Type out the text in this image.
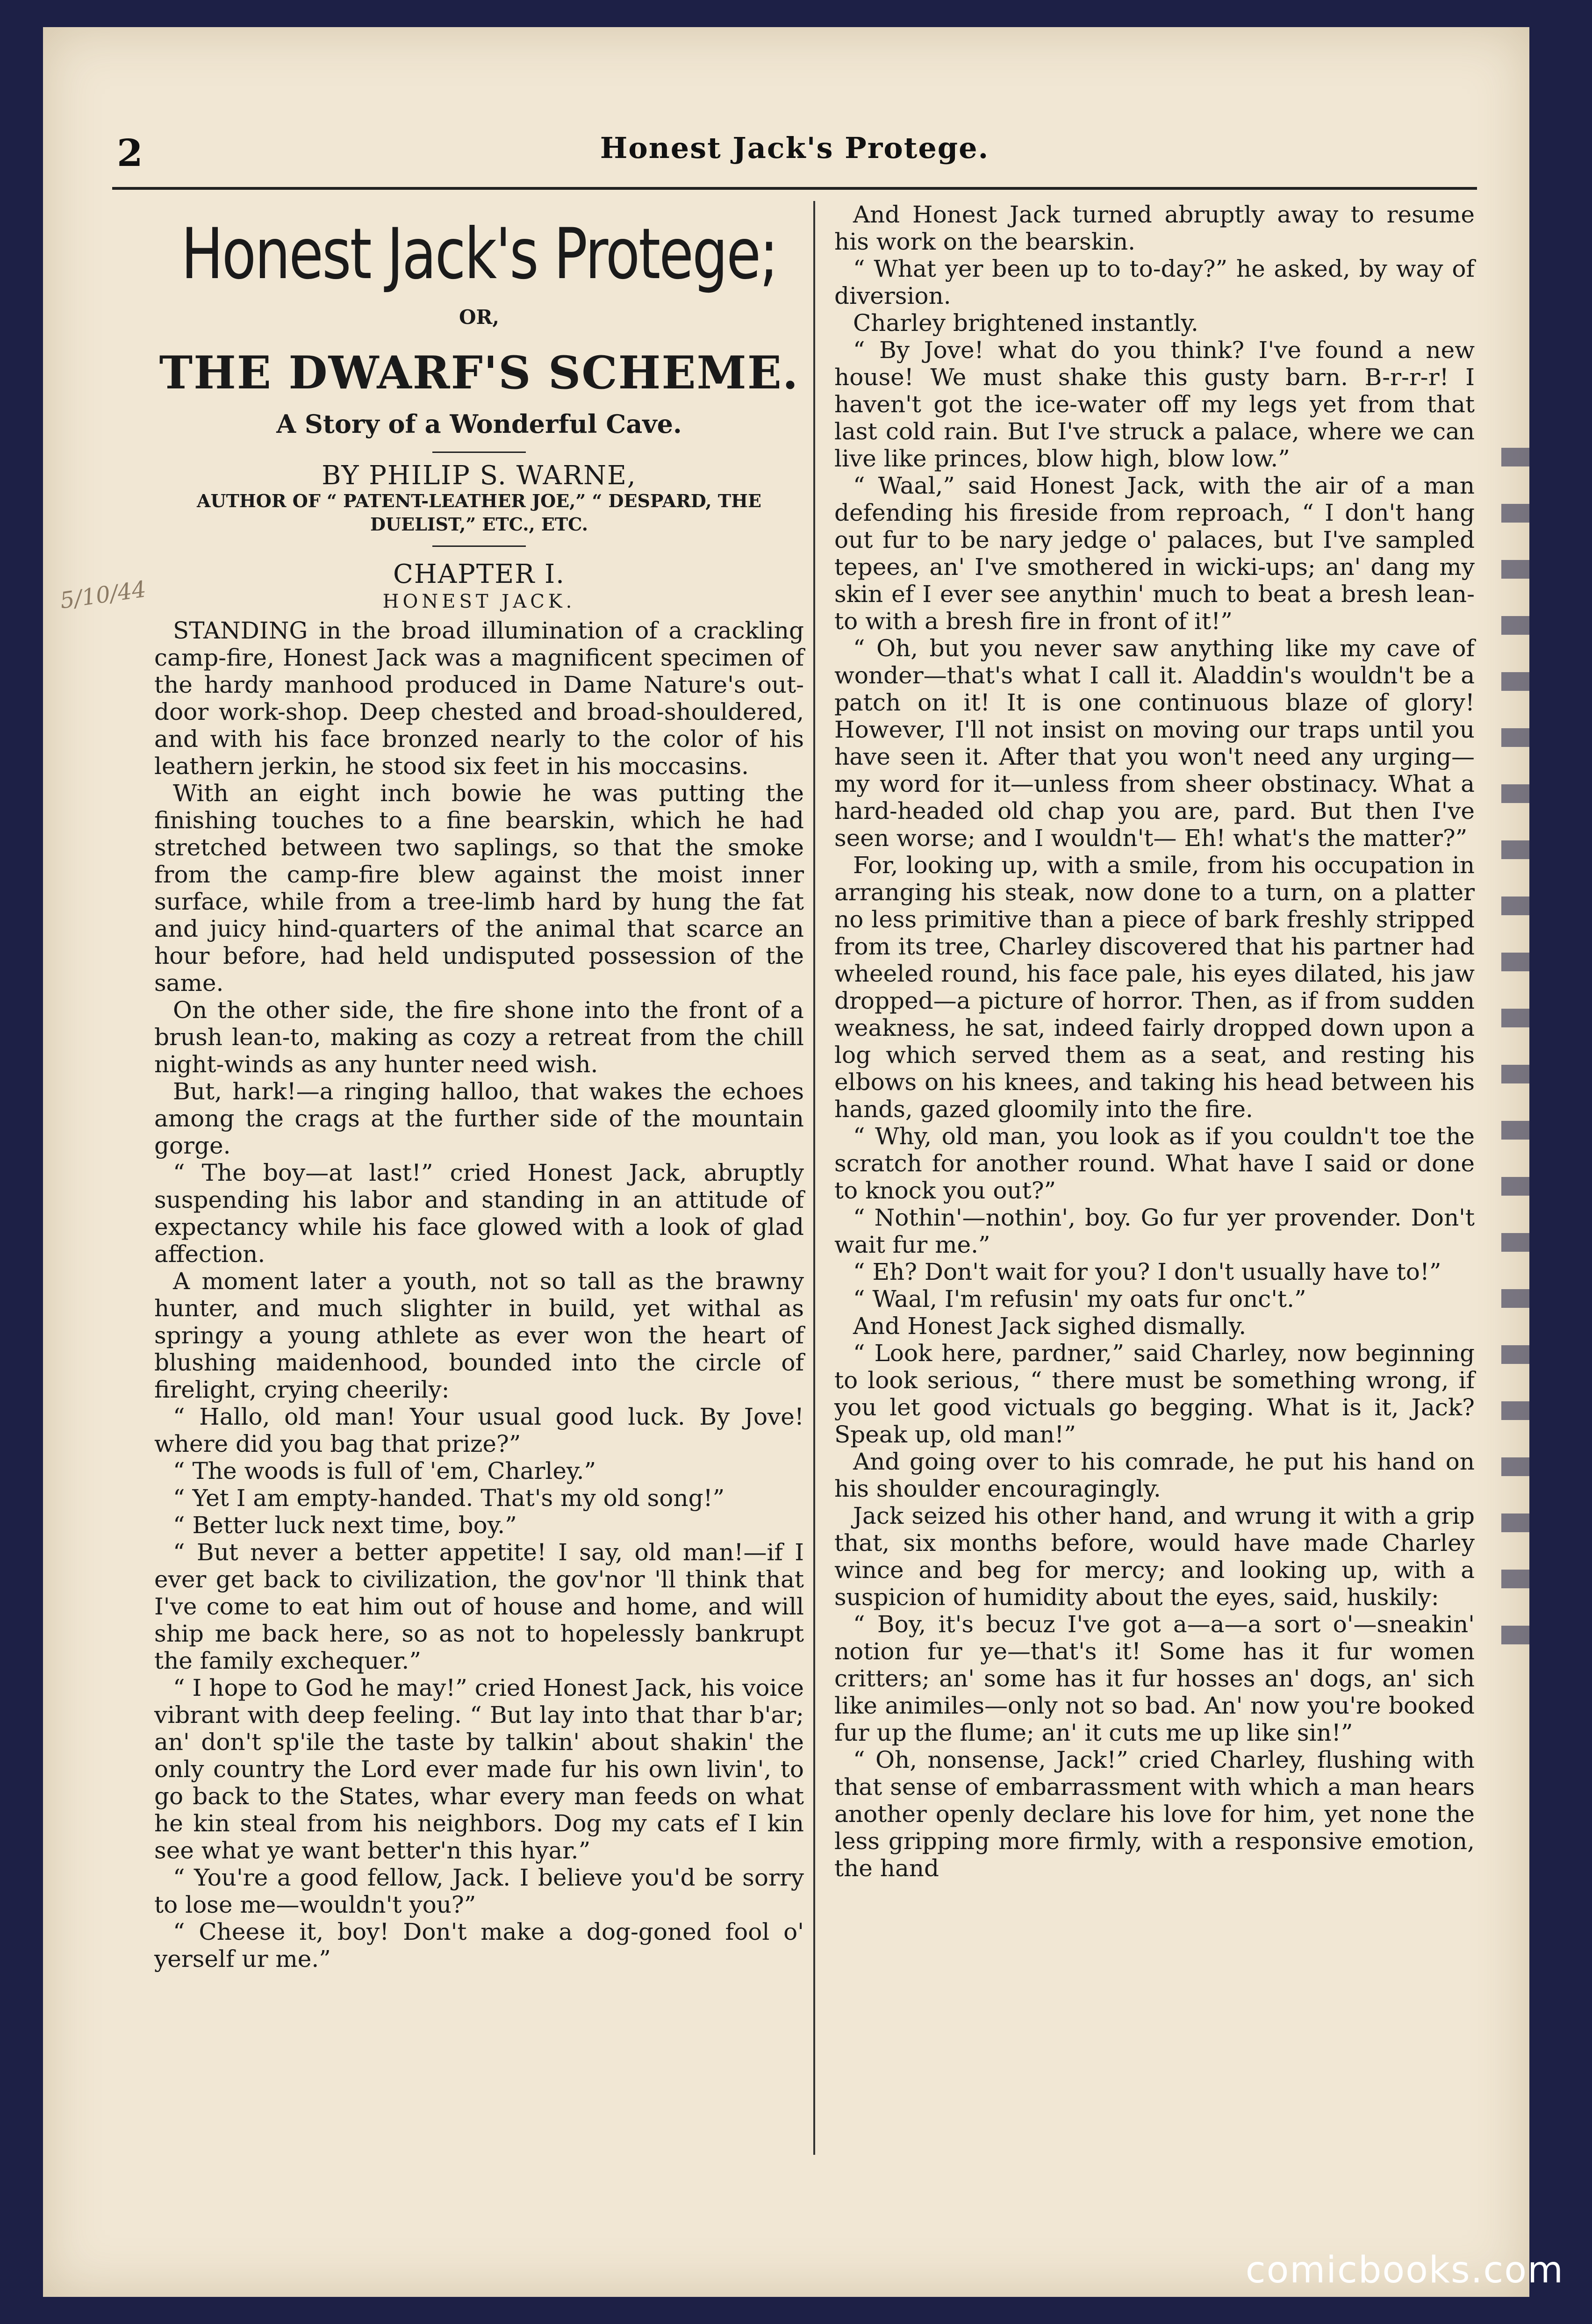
2	Honest Jack's Protege.
5/10/44
Honest Jack's Protege;
OR,
THE DWARF'S SCHEME.
A Story of a Wonderful Cave.
BY PHILIP S. WARNE,
AUTHOR OF “ PATENT-LEATHER JOE,” “ DESPARD, THE DUELIST,” ETC., ETC.
CHAPTER I.
HONEST JACK.

STANDING in the broad illumination of a crackling camp-fire, Honest Jack was a magnificent specimen of the hardy manhood produced in Dame Nature's out-door work-shop. Deep chested and broad-shouldered, and with his face bronzed nearly to the color of his leathern jerkin, he stood six feet in his moccasins.

With an eight inch bowie he was putting the finishing touches to a fine bearskin, which he had stretched between two saplings, so that the smoke from the camp-fire blew against the moist inner surface, while from a tree-limb hard by hung the fat and juicy hind-quarters of the animal that scarce an hour before, had held undisputed possession of the same.

On the other side, the fire shone into the front of a brush lean-to, making as cozy a retreat from the chill night-winds as any hunter need wish.

But, hark!—a ringing halloo, that wakes the echoes among the crags at the further side of the mountain gorge.

“ The boy—at last!” cried Honest Jack, abruptly suspending his labor and standing in an attitude of expectancy while his face glowed with a look of glad affection.

A moment later a youth, not so tall as the brawny hunter, and much slighter in build, yet withal as springy a young athlete as ever won the heart of blushing maidenhood, bounded into the circle of firelight, crying cheerily:

“ Hallo, old man! Your usual good luck. By Jove! where did you bag that prize?”

“ The woods is full of 'em, Charley.”

“ Yet I am empty-handed. That's my old song!”

“ Better luck next time, boy.”

“ But never a better appetite! I say, old man!—if I ever get back to civilization, the gov'nor 'll think that I've come to eat him out of house and home, and will ship me back here, so as not to hopelessly bankrupt the family exchequer.”

“ I hope to God he may!” cried Honest Jack, his voice vibrant with deep feeling. “ But lay into that thar b'ar; an' don't sp'ile the taste by talkin' about shakin' the only country the Lord ever made fur his own livin', to go back to the States, whar every man feeds on what he kin steal from his neighbors. Dog my cats ef I kin see what ye want better'n this hyar.”

“ You're a good fellow, Jack. I believe you'd be sorry to lose me—wouldn't you?”

“ Cheese it, boy! Don't make a dog-goned fool o' yerself ur me.”

And Honest Jack turned abruptly away to resume his work on the bearskin.

“ What yer been up to to-day?” he asked, by way of diversion.

Charley brightened instantly.

“ By Jove! what do you think? I've found a new house! We must shake this gusty barn. B-r-r-r! I haven't got the ice-water off my legs yet from that last cold rain. But I've struck a palace, where we can live like princes, blow high, blow low.”

“ Waal,” said Honest Jack, with the air of a man defending his fireside from reproach, “ I don't hang out fur to be nary jedge o' palaces, but I've sampled tepees, an' I've smothered in wicki-ups; an' dang my skin ef I ever see anythin' much to beat a bresh lean-to with a bresh fire in front of it!”

“ Oh, but you never saw anything like my cave of wonder—that's what I call it. Aladdin's wouldn't be a patch on it! It is one continuous blaze of glory! However, I'll not insist on moving our traps until you have seen it. After that you won't need any urging—my word for it—unless from sheer obstinacy. What a hard-headed old chap you are, pard. But then I've seen worse; and I wouldn't— Eh! what's the matter?”

For, looking up, with a smile, from his occupation in arranging his steak, now done to a turn, on a platter no less primitive than a piece of bark freshly stripped from its tree, Charley discovered that his partner had wheeled round, his face pale, his eyes dilated, his jaw dropped—a picture of horror. Then, as if from sudden weakness, he sat, indeed fairly dropped down upon a log which served them as a seat, and resting his elbows on his knees, and taking his head between his hands, gazed gloomily into the fire.

“ Why, old man, you look as if you couldn't toe the scratch for another round. What have I said or done to knock you out?”

“ Nothin'—nothin', boy. Go fur yer provender. Don't wait fur me.”

“ Eh? Don't wait for you? I don't usually have to!”

“ Waal, I'm refusin' my oats fur onc't.”

And Honest Jack sighed dismally.

“ Look here, pardner,” said Charley, now beginning to look serious, “ there must be something wrong, if you let good victuals go begging. What is it, Jack? Speak up, old man!”

And going over to his comrade, he put his hand on his shoulder encouragingly.

Jack seized his other hand, and wrung it with a grip that, six months before, would have made Charley wince and beg for mercy; and looking up, with a suspicion of humidity about the eyes, said, huskily:

“ Boy, it's becuz I've got a—a—a sort o'—sneakin' notion fur ye—that's it! Some has it fur women critters; an' some has it fur hosses an' dogs, an' sich like animiles—only not so bad. An' now you're booked fur up the flume; an' it cuts me up like sin!”

“ Oh, nonsense, Jack!” cried Charley, flushing with that sense of embarrassment with which a man hears another openly declare his love for him, yet none the less gripping more firmly, with a responsive emotion, the hand

comicbooks.com
